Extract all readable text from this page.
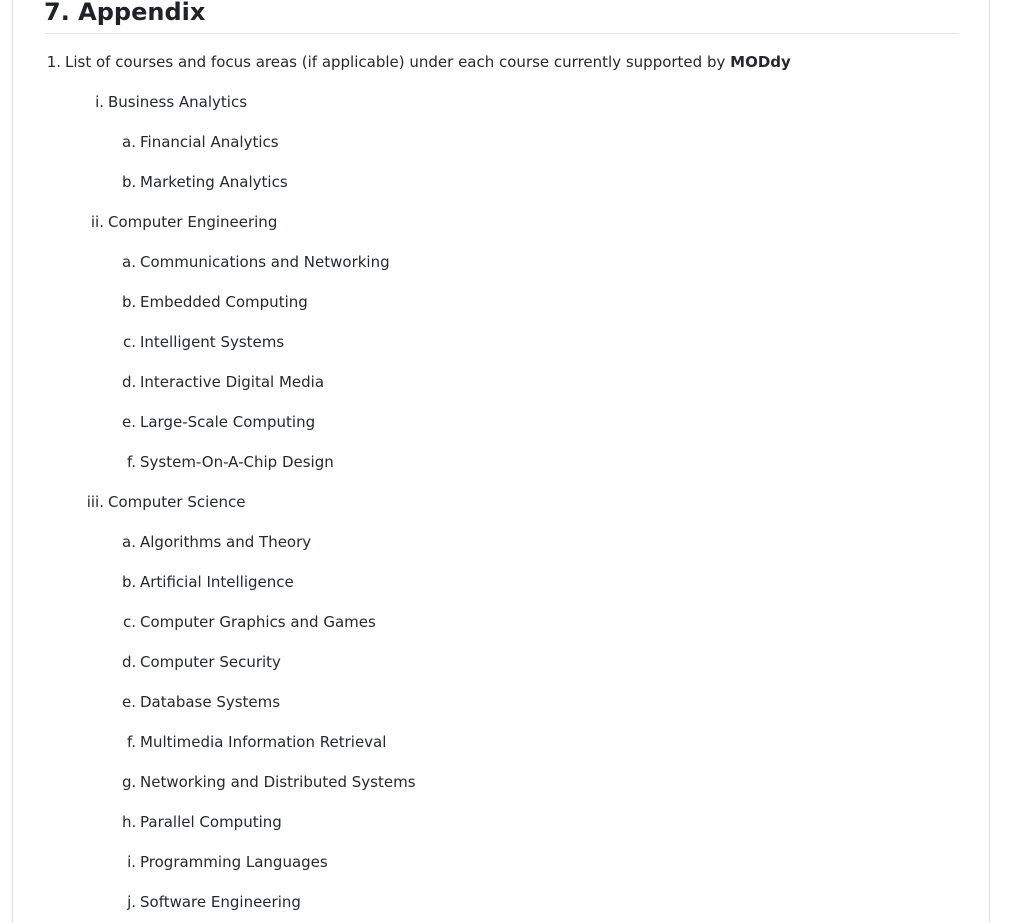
7. Appendix
1. List of courses and focus areas (if applicable) under each course currently supported by MODdy
i. Business Analytics
a. Financial Analytics
b. Marketing Analytics
ii. Computer Engineering
a. Communications and Networking
b. Embedded Computing
c. Intelligent Systems
d. Interactive Digital Media
e. Large-Scale Computing
f. System-On-A-Chip Design
iii. Computer Science
a. Algorithms and Theory
b. Artificial Intelligence
c. Computer Graphics and Games
d. Computer Security
e. Database Systems
f. Multimedia Information Retrieval
g. Networking and Distributed Systems
h. Parallel Computing
i. Programming Languages
j. Software Engineering
